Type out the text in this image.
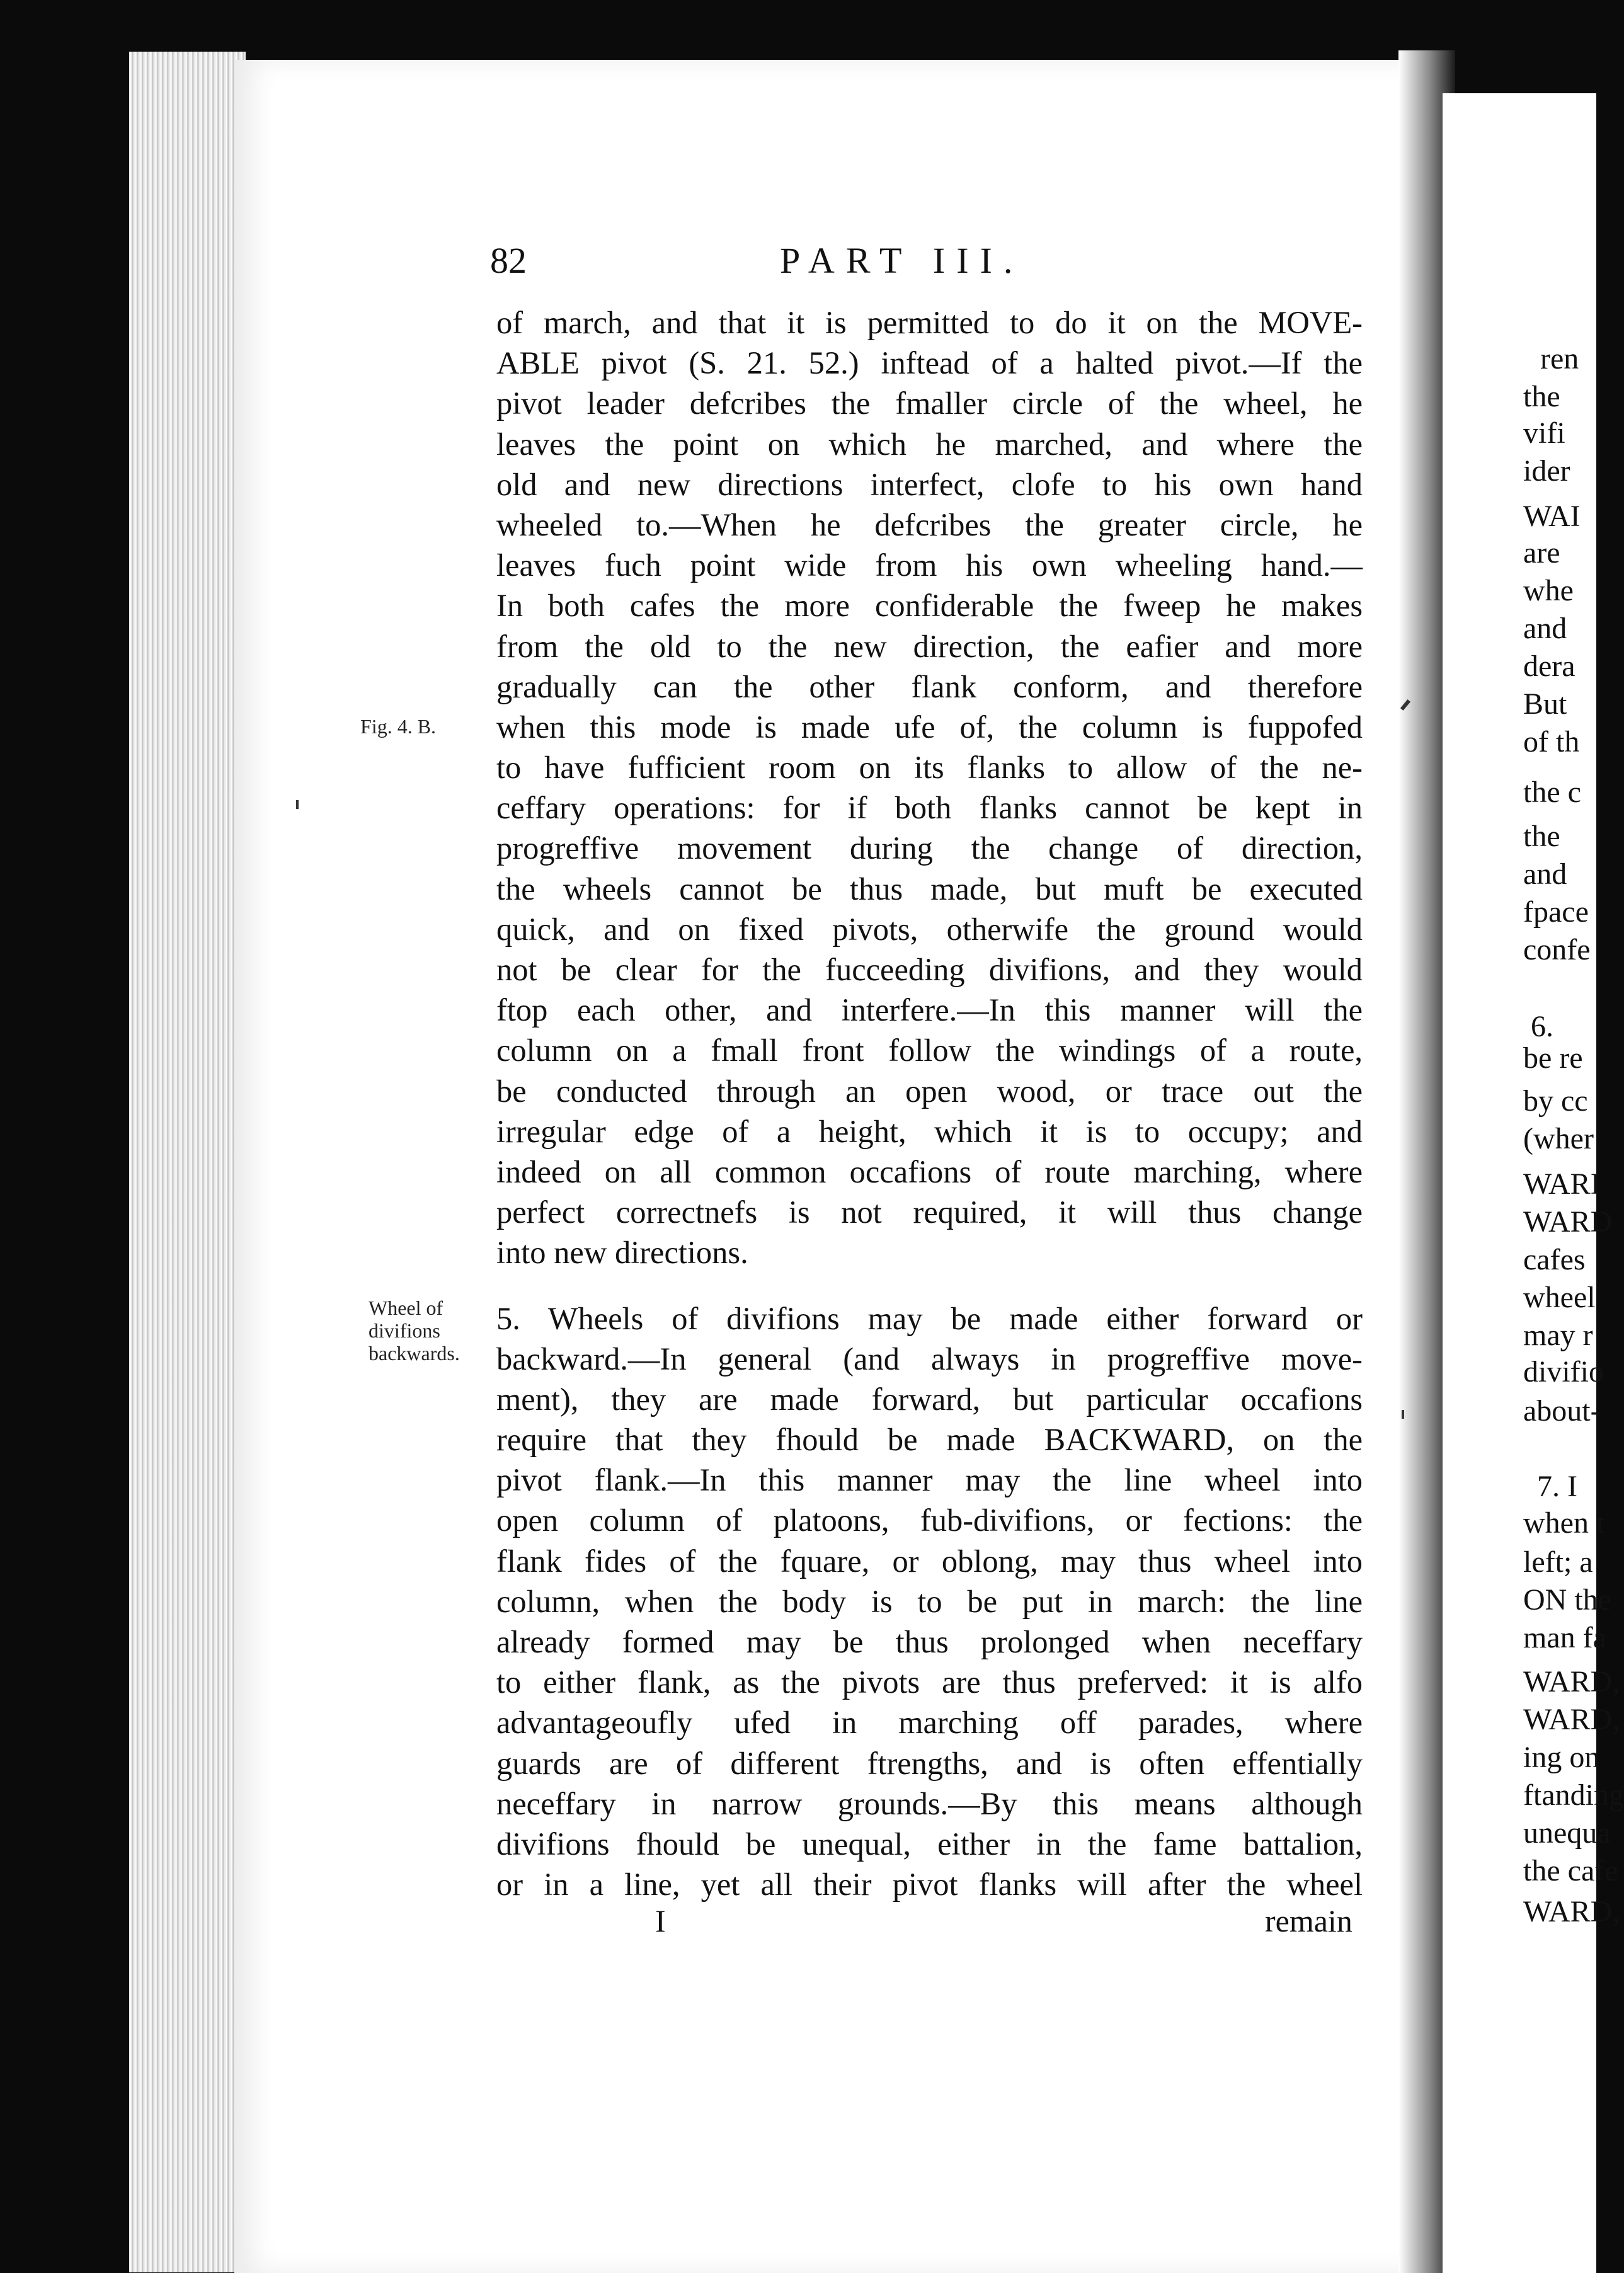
82	PART III.
Fig. 4. B.
Wheel of
divifions
backwards.
of march, and that it is permitted to do it on the MOVE-
ABLE pivot (S. 21. 52.) inftead of a halted pivot.—If the
pivot leader defcribes the fmaller circle of the wheel, he
leaves the point on which he marched, and where the
old and new directions interfect, clofe to his own hand
wheeled to.—When he defcribes the greater circle, he
leaves fuch point wide from his own wheeling hand.—
In both cafes the more confiderable the fweep he makes
from the old to the new direction, the eafier and more
gradually can the other flank conform, and therefore
when this mode is made ufe of, the column is fuppofed
to have fufficient room on its flanks to allow of the ne-
ceffary operations: for if both flanks cannot be kept in
progreffive movement during the change of direction,
the wheels cannot be thus made, but muft be executed
quick, and on fixed pivots, otherwife the ground would
not be clear for the fucceeding divifions, and they would
ftop each other, and interfere.—In this manner will the
column on a fmall front follow the windings of a route,
be conducted through an open wood, or trace out the
irregular edge of a height, which it is to occupy; and
indeed on all common occafions of route marching, where
perfect correctnefs is not required, it will thus change
into new directions.
5. Wheels of divifions may be made either forward or
backward.—In general (and always in progreffive move-
ment), they are made forward, but particular occafions
require that they fhould be made BACKWARD, on the
pivot flank.—In this manner may the line wheel into
open column of platoons, fub-divifions, or fections: the
flank fides of the fquare, or oblong, may thus wheel into
column, when the body is to be put in march: the line
already formed may be thus prolonged when neceffary
to either flank, as the pivots are thus preferved: it is alfo
advantageoufly ufed in marching off parades, where
guards are of different ftrengths, and is often effentially
neceffary in narrow grounds.—By this means although
divifions fhould be unequal, either in the fame battalion,
or in a line, yet all their pivot flanks will after the wheel
I	remain
ren
the
vifi
ider
WAI
are
whe
and
dera
But
of th
the c
the
and
fpace
confe
6.
be re
by cc
(wher
WARI
WARD
cafes
wheel
may r
divifio
about-
7. I
when t
left; a
ON the
man fa
WARD,
WARD,
ing on
ftanding
unequa
the cafe
WARD,
